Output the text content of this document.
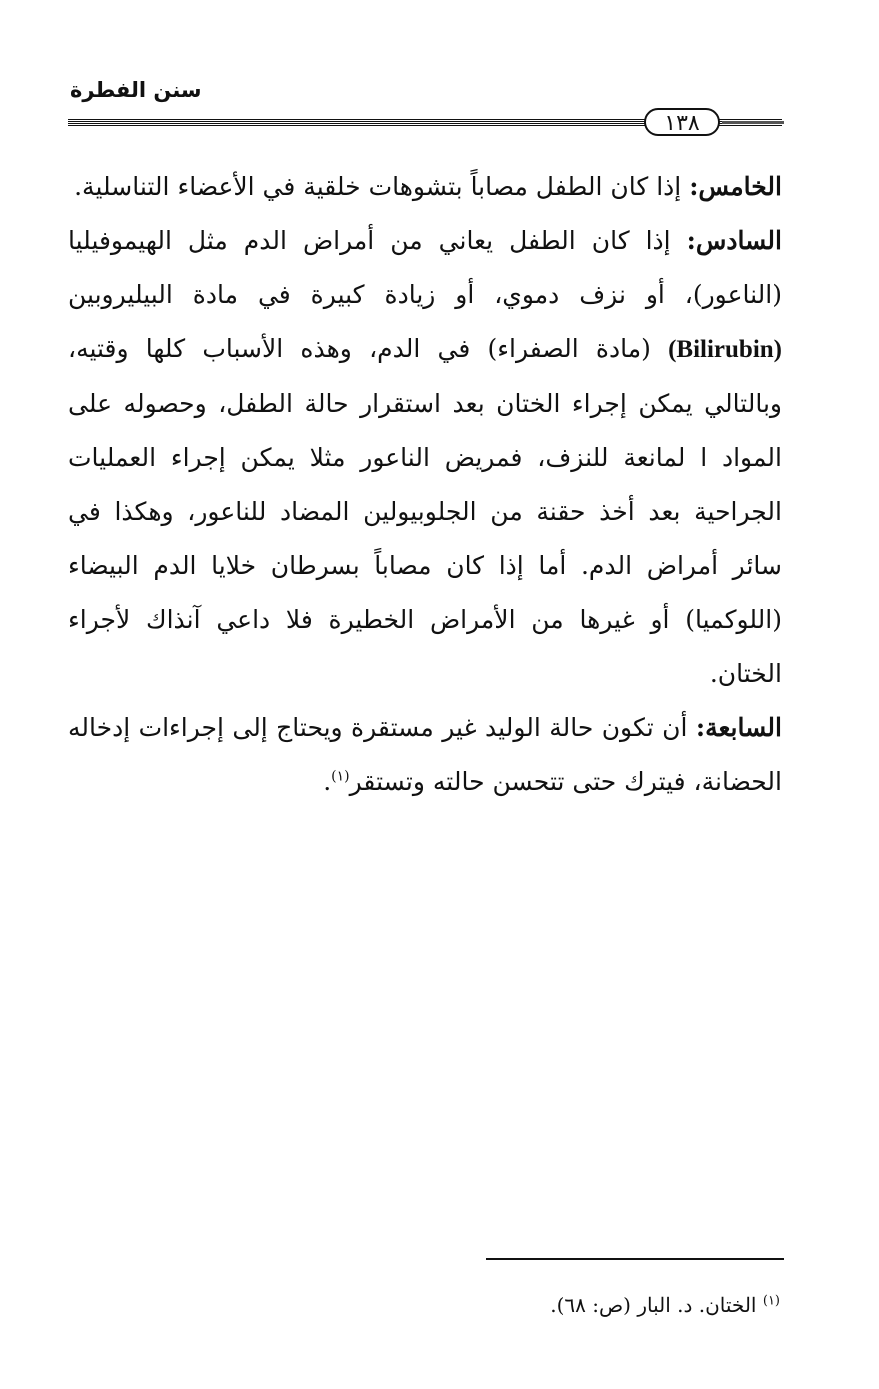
سنن الفطرة
١٣٨

الخامس: إذا كان الطفل مصاباً بتشوهات خلقية في الأعضاء التناسلية.

السادس: إذا كان الطفل يعاني من أمراض الدم مثل الهيموفيليا (الناعور)، أو نزف دموي، أو زيادة كبيرة في مادة البيليروبين (Bilirubin) (مادة الصفراء) في الدم، وهذه الأسباب كلها وقتيه، وبالتالي يمكن إجراء الختان بعد استقرار حالة الطفل، وحصوله على المواد ا لمانعة للنزف، فمريض الناعور مثلا يمكن إجراء العمليات الجراحية بعد أخذ حقنة من الجلوبيولين المضاد للناعور، وهكذا في سائر أمراض الدم. أما إذا كان مصاباً بسرطان خلايا الدم البيضاء (اللوكميا) أو غيرها من الأمراض الخطيرة فلا داعي آنذاك لأجراء الختان.

السابعة: أن تكون حالة الوليد غير مستقرة ويحتاج إلى إجراءات إدخاله الحضانة، فيترك حتى تتحسن حالته وتستقر$^{(١)}$.

$^{(١)}$ الختان. د. البار (ص: ٦٨).
